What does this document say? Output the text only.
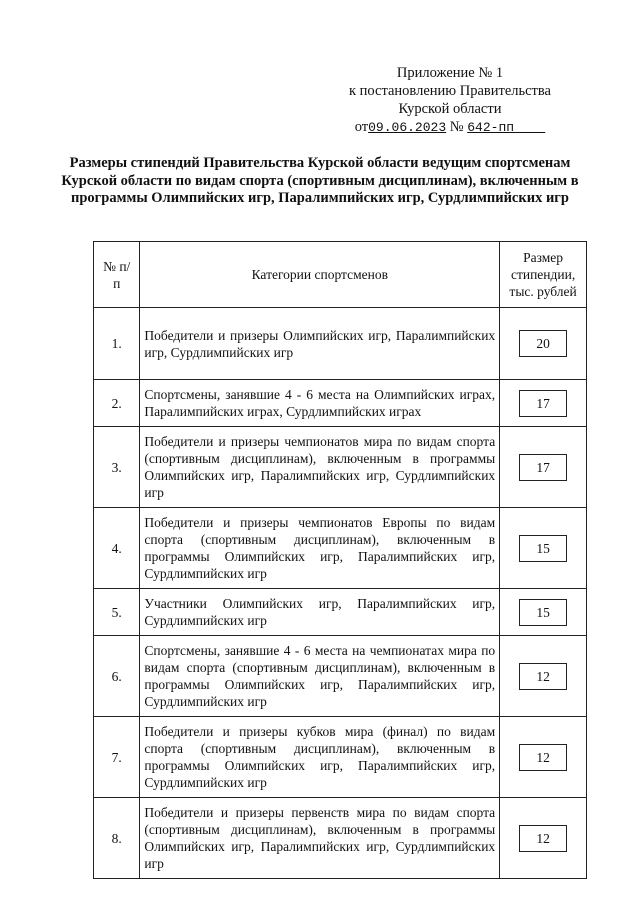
Приложение № 1
к постановлению Правительства
Курской области
от09.06.2023 № 642-пп
Размеры стипендий Правительства Курской области ведущим спортсменам Курской области по видам спорта (спортивным дисциплинам), включенным в программы Олимпийских игр, Паралимпийских игр, Сурдлимпийских игр
№ п/п	Категории спортсменов	Размер стипендии, тыс. рублей

1.	Победители и призеры Олимпийских игр, Паралимпийских игр, Сурдлимпийских игр	20
2.	Спортсмены, занявшие 4 - 6 места на Олимпийских играх, Паралимпийских играх, Сурдлимпийских играх	17
3.	Победители и призеры чемпионатов мира по видам спорта (спортивным дисциплинам), включенным в программы Олимпийских игр, Паралимпийских игр, Сурдлимпийских игр	17
4.	Победители и призеры чемпионатов Европы по видам спорта (спортивным дисциплинам), включенным в программы Олимпийских игр, Паралимпийских игр, Сурдлимпийских игр	15
5.	Участники Олимпийских игр, Паралимпийских игр, Сурдлимпийских игр	15
6.	Спортсмены, занявшие 4 - 6 места на чемпионатах мира по видам спорта (спортивным дисциплинам), включенным в программы Олимпийских игр, Паралимпийских игр, Сурдлимпийских игр	12
7.	Победители и призеры кубков мира (финал) по видам спорта (спортивным дисциплинам), включенным в программы Олимпийских игр, Паралимпийских игр, Сурдлимпийских игр	12
8.	Победители и призеры первенств мира по видам спорта (спортивным дисциплинам), включенным в программы Олимпийских игр, Паралимпийских игр, Сурдлимпийских игр	12
